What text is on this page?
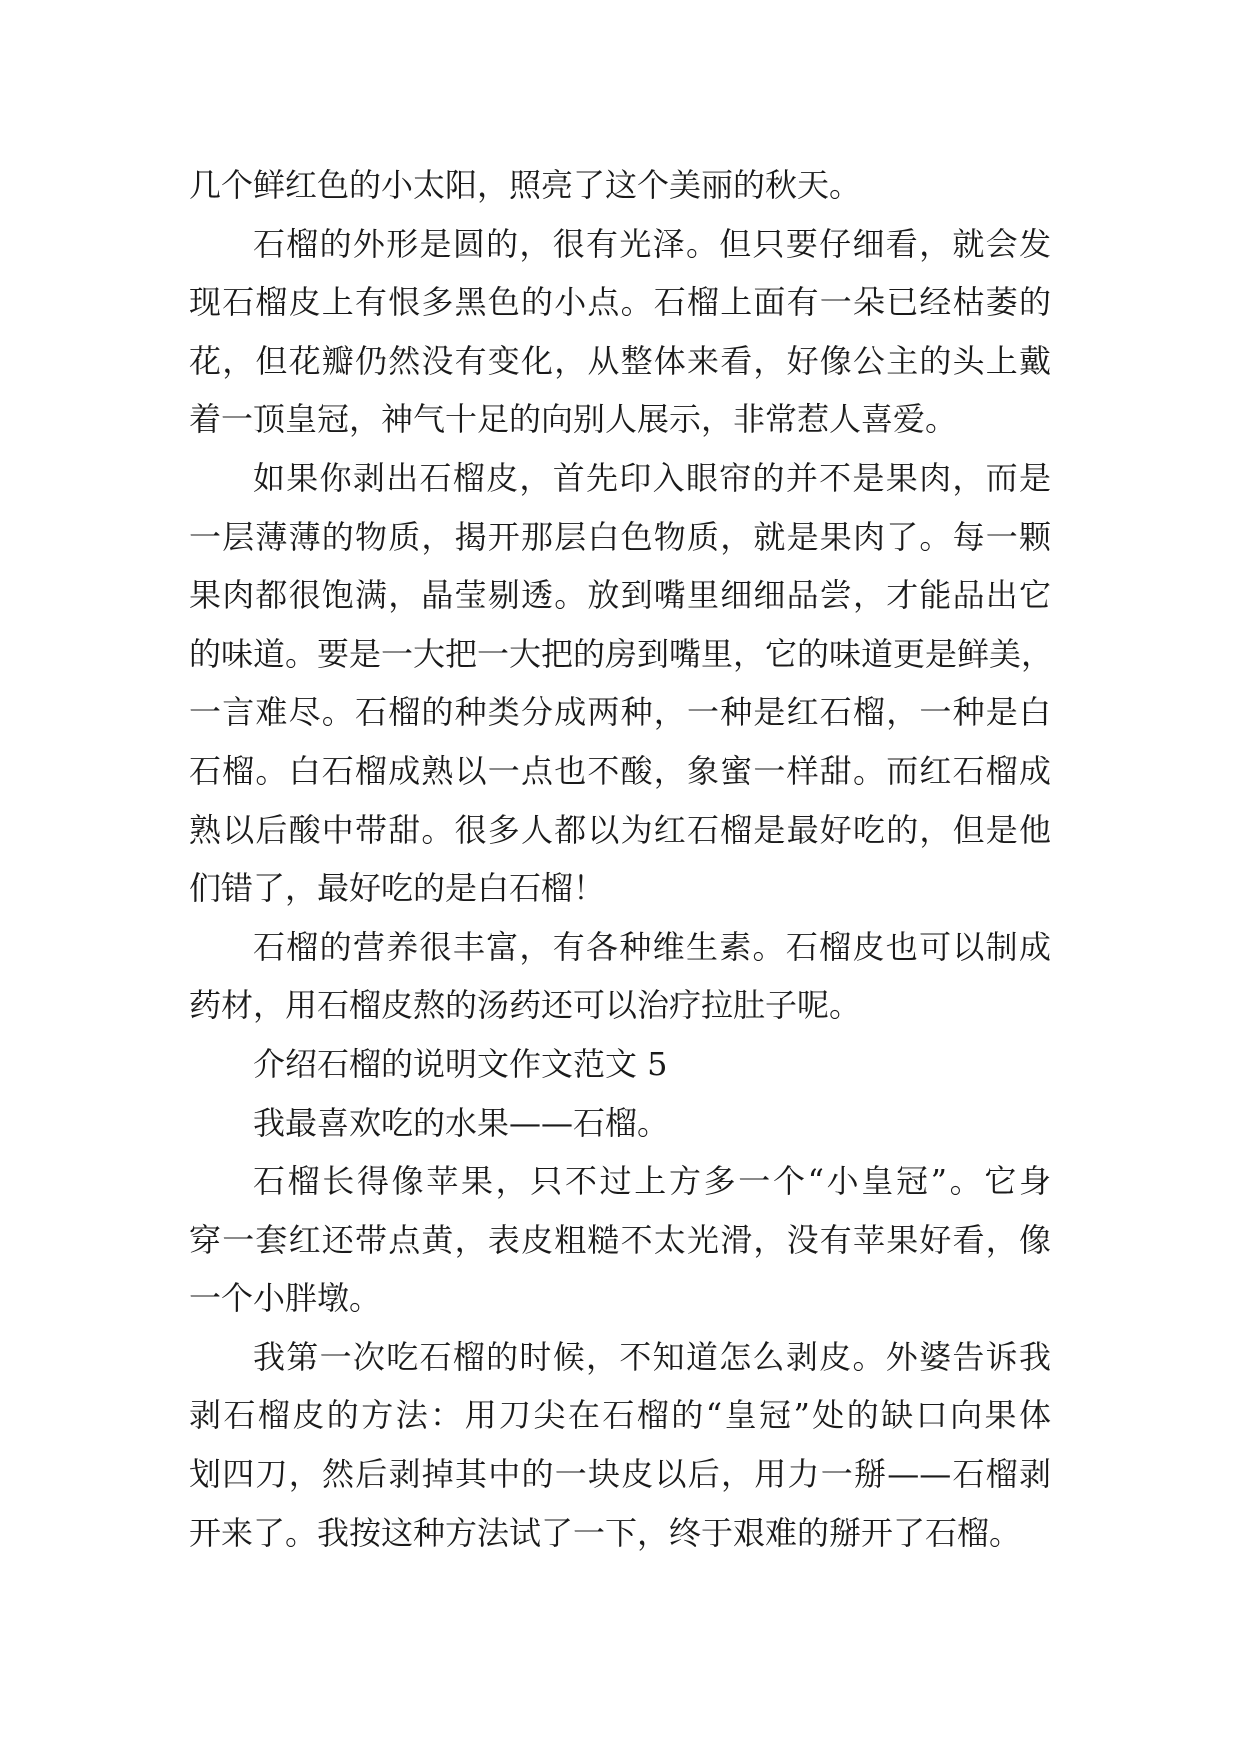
几个鲜红色的小太阳，照亮了这个美丽的秋天。
石榴的外形是圆的，很有光泽。但只要仔细看，就会发
现石榴皮上有恨多黑色的小点。石榴上面有一朵已经枯萎的
花，但花瓣仍然没有变化，从整体来看，好像公主的头上戴
着一顶皇冠，神气十足的向别人展示，非常惹人喜爱。
如果你剥出石榴皮，首先印入眼帘的并不是果肉，而是
一层薄薄的物质，揭开那层白色物质，就是果肉了。每一颗
果肉都很饱满，晶莹剔透。放到嘴里细细品尝，才能品出它
的味道。要是一大把一大把的房到嘴里，它的味道更是鲜美，
一言难尽。石榴的种类分成两种，一种是红石榴，一种是白
石榴。白石榴成熟以一点也不酸，象蜜一样甜。而红石榴成
熟以后酸中带甜。很多人都以为红石榴是最好吃的，但是他
们错了，最好吃的是白石榴！
石榴的营养很丰富，有各种维生素。石榴皮也可以制成
药材，用石榴皮熬的汤药还可以治疗拉肚子呢。
介绍石榴的说明文作文范文 5
我最喜欢吃的水果——石榴。
石榴长得像苹果，只不过上方多一个“小皇冠”。它身
穿一套红还带点黄，表皮粗糙不太光滑，没有苹果好看，像
一个小胖墩。
我第一次吃石榴的时候，不知道怎么剥皮。外婆告诉我
剥石榴皮的方法：用刀尖在石榴的“皇冠”处的缺口向果体
划四刀，然后剥掉其中的一块皮以后，用力一掰——石榴剥
开来了。我按这种方法试了一下，终于艰难的掰开了石榴。
